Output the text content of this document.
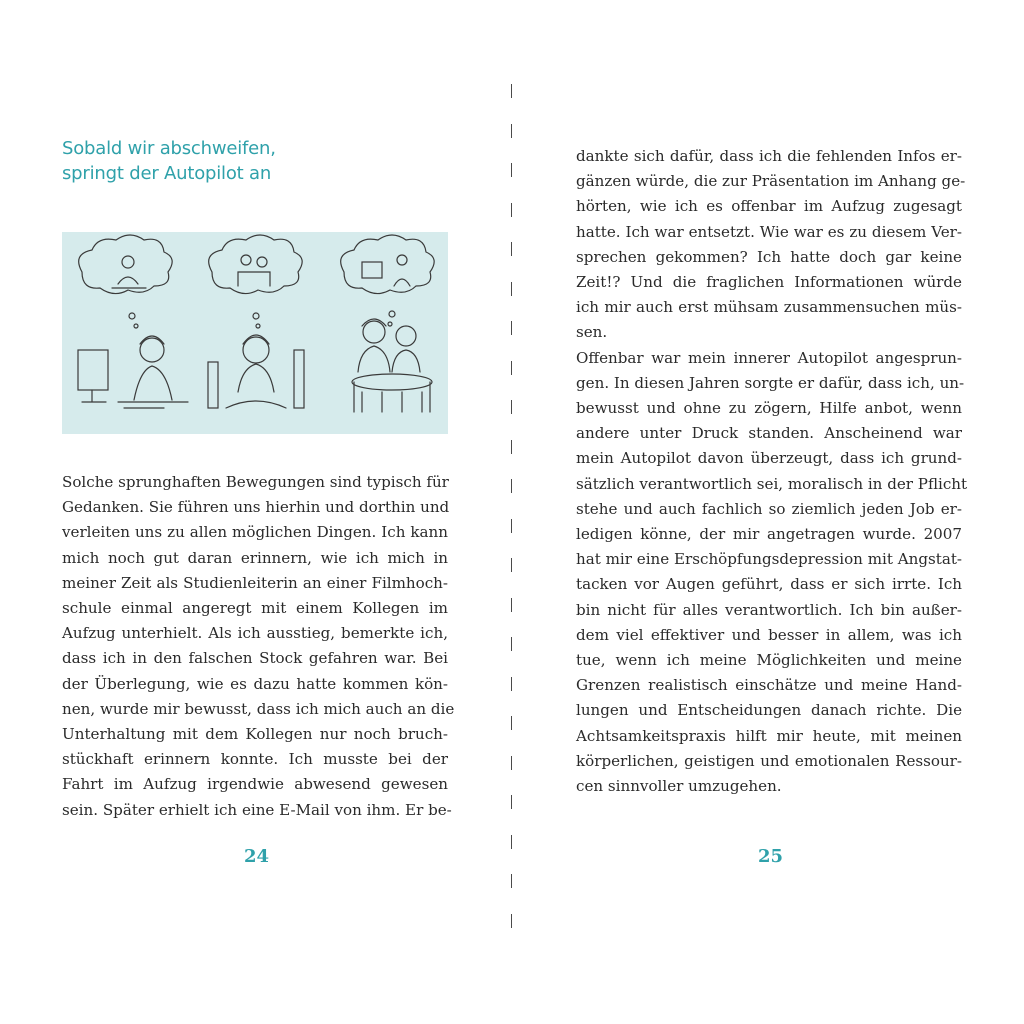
Sobald wir abschweifen,
springt der Autopilot an
Solche sprunghaften Bewegungen sind typisch für
Gedanken. Sie führen uns hierhin und dorthin und
verleiten uns zu allen möglichen Dingen. Ich kann
mich noch gut daran erinnern, wie ich mich in
meiner Zeit als Studienleiterin an einer Filmhoch-
schule einmal angeregt mit einem Kollegen im
Aufzug unterhielt. Als ich ausstieg, bemerkte ich,
dass ich in den falschen Stock gefahren war. Bei
der Überlegung, wie es dazu hatte kommen kön-
nen, wurde mir bewusst, dass ich mich auch an die
Unterhaltung mit dem Kollegen nur noch bruch-
stückhaft erinnern konnte. Ich musste bei der
Fahrt im Aufzug irgendwie abwesend gewesen
sein. Später erhielt ich eine E-Mail von ihm. Er be-
24

dankte sich dafür, dass ich die fehlenden Infos er-
gänzen würde, die zur Präsentation im Anhang ge-
hörten, wie ich es offenbar im Aufzug zugesagt
hatte. Ich war entsetzt. Wie war es zu diesem Ver-
sprechen gekommen? Ich hatte doch gar keine
Zeit!? Und die fraglichen Informationen würde
ich mir auch erst mühsam zusammensuchen müs-
sen.

Offenbar war mein innerer Autopilot angesprun-
gen. In diesen Jahren sorgte er dafür, dass ich, un-
bewusst und ohne zu zögern, Hilfe anbot, wenn
andere unter Druck standen. Anscheinend war
mein Autopilot davon überzeugt, dass ich grund-
sätzlich verantwortlich sei, moralisch in der Pflicht
stehe und auch fachlich so ziemlich jeden Job er-
ledigen könne, der mir angetragen wurde. 2007
hat mir eine Erschöpfungsdepression mit Angstat-
tacken vor Augen geführt, dass er sich irrte. Ich
bin nicht für alles verantwortlich. Ich bin außer-
dem viel effektiver und besser in allem, was ich
tue, wenn ich meine Möglichkeiten und meine
Grenzen realistisch einschätze und meine Hand-
lungen und Entscheidungen danach richte. Die
Achtsamkeitspraxis hilft mir heute, mit meinen
körperlichen, geistigen und emotionalen Ressour-
cen sinnvoller umzugehen.

25
